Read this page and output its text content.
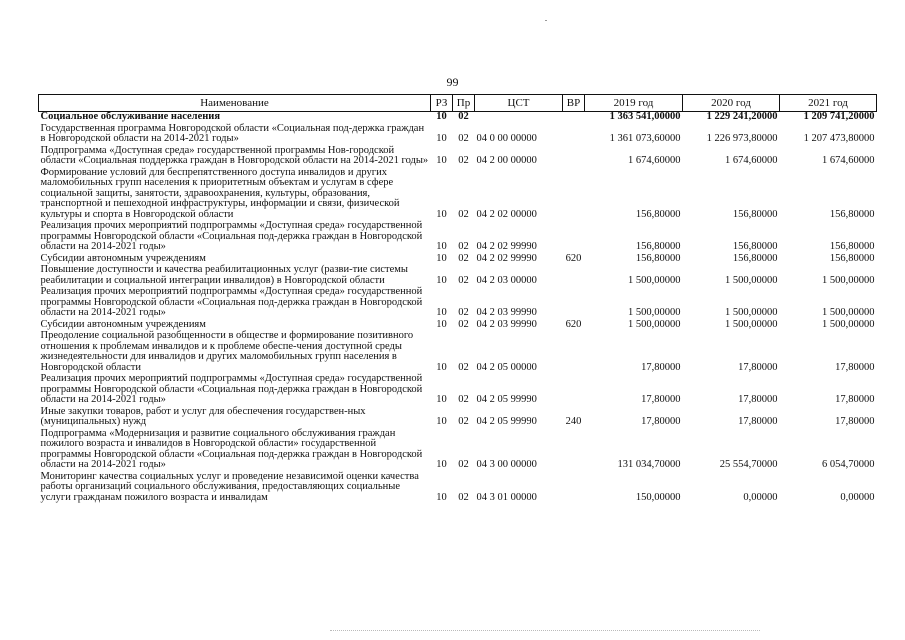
99
Наименование	РЗ	Пр	ЦСТ	ВР	2019 год	2020 год	2021 год
Социальное обслуживание населения	10	02			1 363 541,00000	1 229 241,20000	1 209 741,20000
Государственная программа Новгородской области «Социальная под-держка граждан в Новгородской области на 2014-2021 годы»	10	02	04 0 00 00000		1 361 073,60000	1 226 973,80000	1 207 473,80000
Подпрограмма «Доступная среда» государственной программы Нов-городской области «Социальная поддержка граждан в Новгородской области на 2014-2021 годы»	10	02	04 2 00 00000		1 674,60000	1 674,60000	1 674,60000
Формирование условий для беспрепятственного доступа инвалидов и других маломобильных групп населения к приоритетным объектам и услугам в сфере социальной защиты, занятости, здравоохранения, культуры, образования, транспортной и пешеходной инфраструктуры, информации и связи, физической культуры и спорта в Новгородской области	10	02	04 2 02 00000		156,80000	156,80000	156,80000
Реализация прочих мероприятий подпрограммы «Доступная среда» государственной программы Новгородской области «Социальная под-держка граждан в Новгородской области на 2014-2021 годы»	10	02	04 2 02 99990		156,80000	156,80000	156,80000
Субсидии автономным учреждениям	10	02	04 2 02 99990	620	156,80000	156,80000	156,80000
Повышение доступности и качества реабилитационных услуг (разви-тие системы реабилитации и социальной интеграции инвалидов) в Новгородской области	10	02	04 2 03 00000		1 500,00000	1 500,00000	1 500,00000
Реализация прочих мероприятий подпрограммы «Доступная среда» государственной программы Новгородской области «Социальная под-держка граждан в Новгородской области на 2014-2021 годы»	10	02	04 2 03 99990		1 500,00000	1 500,00000	1 500,00000
Субсидии автономным учреждениям	10	02	04 2 03 99990	620	1 500,00000	1 500,00000	1 500,00000
Преодоление социальной разобщенности в обществе и формирование позитивного отношения к проблемам инвалидов и к проблеме обеспе-чения доступной среды жизнедеятельности для инвалидов и других маломобильных групп населения в Новгородской области	10	02	04 2 05 00000		17,80000	17,80000	17,80000
Реализация прочих мероприятий подпрограммы «Доступная среда» государственной программы Новгородской области «Социальная под-держка граждан в Новгородской области на 2014-2021 годы»	10	02	04 2 05 99990		17,80000	17,80000	17,80000
Иные закупки товаров, работ и услуг для обеспечения государствен-ных (муниципальных) нужд	10	02	04 2 05 99990	240	17,80000	17,80000	17,80000
Подпрограмма «Модернизация и развитие социального обслуживания граждан пожилого возраста и инвалидов в Новгородской области» государственной программы Новгородской области «Социальная под-держка граждан в Новгородской области на 2014-2021 годы»	10	02	04 3 00 00000		131 034,70000	25 554,70000	6 054,70000
Мониторинг качества социальных услуг и проведение независимой оценки качества работы организаций социального обслуживания, предоставляющих социальные услуги гражданам пожилого возраста и инвалидам	10	02	04 3 01 00000		150,00000	0,00000	0,00000
